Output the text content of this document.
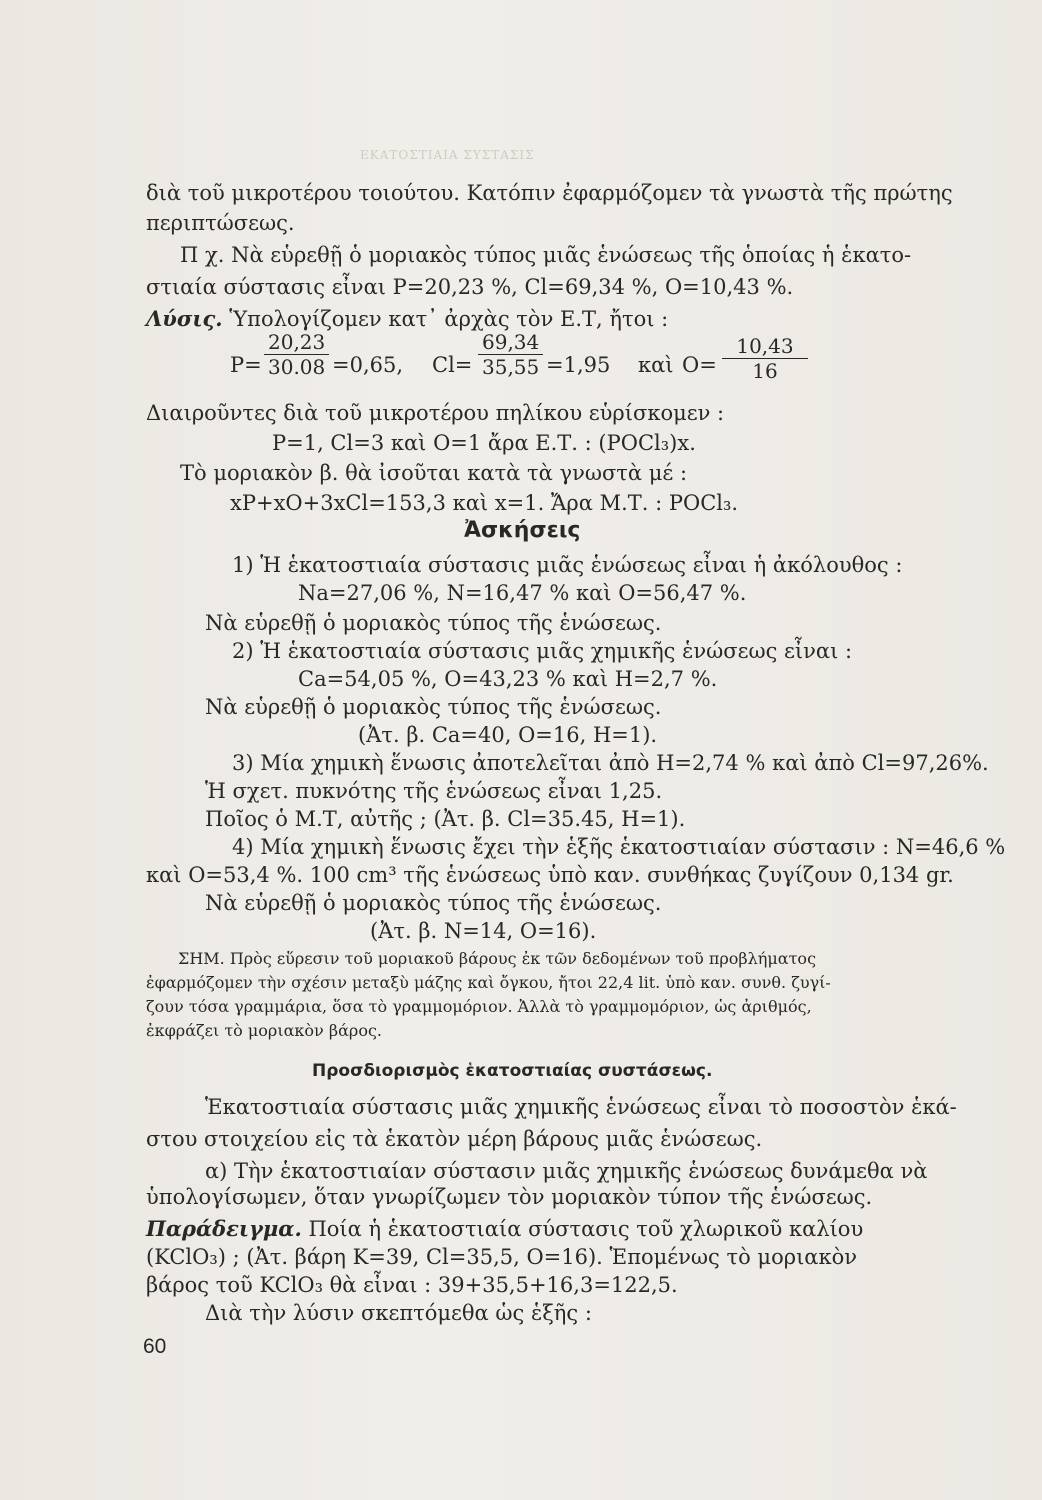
ΕΚΑΤΟΣΤΙΑΙΑ ΣΥΣΤΑΣΙΣ
διὰ τοῦ μικροτέρου τοιούτου. Κατόπιν ἐφαρμόζομεν τὰ γνωστὰ τῆς πρώτης
περιπτώσεως.
Π χ. Νὰ εὑρεθῇ ὁ μοριακὸς τύπος μιᾶς ἑνώσεως τῆς ὁποίας ἡ ἑκατο-
στιαία σύστασις εἶναι P=20,23 %, Cl=69,34 %, O=10,43 %.
Λύσις. Ὑπολογίζομεν κατ᾽ ἀρχὰς τὸν Ε.Τ, ἤτοι :
$P= \frac{20,23}{30.08} =0,65$, $Cl= \frac{69,34}{35,55} =1,95$ καὶ $O= \frac{10,43}{16}$
Διαιροῦντες διὰ τοῦ μικροτέρου πηλίκου εὑρίσκομεν :
P=1, Cl=3 καὶ O=1 ἄρα Ε.Τ. : (POCl₃)x.
Τὸ μοριακὸν β. θὰ ἰσοῦται κατὰ τὰ γνωστὰ μέ :
xP+xO+3xCl=153,3 καὶ x=1. Ἄρα Μ.Τ. : POCl₃.
Ἀσκήσεις
1) Ἡ ἑκατοστιαία σύστασις μιᾶς ἑνώσεως εἶναι ἡ ἀκόλουθος :
Na=27,06 %, N=16,47 % καὶ O=56,47 %.
Νὰ εὑρεθῇ ὁ μοριακὸς τύπος τῆς ἑνώσεως.
2) Ἡ ἑκατοστιαία σύστασις μιᾶς χημικῆς ἑνώσεως εἶναι :
Ca=54,05 %, O=43,23 % καὶ H=2,7 %.
Νὰ εὑρεθῇ ὁ μοριακὸς τύπος τῆς ἑνώσεως.
(Ἀτ. β. Ca=40, O=16, H=1).
3) Μία χημικὴ ἕνωσις ἀποτελεῖται ἀπὸ H=2,74 % καὶ ἀπὸ Cl=97,26%.
Ἡ σχετ. πυκνότης τῆς ἑνώσεως εἶναι 1,25.
Ποῖος ὁ Μ.Τ, αὐτῆς ; (Ἀτ. β. Cl=35.45, H=1).
4) Μία χημικὴ ἕνωσις ἔχει τὴν ἑξῆς ἑκατοστιαίαν σύστασιν : N=46,6 %
καὶ O=53,4 %. 100 cm³ τῆς ἑνώσεως ὑπὸ καν. συνθήκας ζυγίζουν 0,134 gr.
Νὰ εὑρεθῇ ὁ μοριακὸς τύπος τῆς ἑνώσεως.
(Ἀτ. β. N=14, O=16).
ΣΗΜ. Πρὸς εὕρεσιν τοῦ μοριακοῦ βάρους ἐκ τῶν δεδομένων τοῦ προβλήματος
ἐφαρμόζομεν τὴν σχέσιν μεταξὺ μάζης καὶ ὄγκου, ἤτοι 22,4 lit. ὑπὸ καν. συνθ. ζυγί-
ζουν τόσα γραμμάρια, ὅσα τὸ γραμμομόριον. Ἀλλὰ τὸ γραμμομόριον, ὡς ἀριθμός,
ἐκφράζει τὸ μοριακὸν βάρος.
Προσδιορισμὸς ἑκατοστιαίας συστάσεως.
Ἑκατοστιαία σύστασις μιᾶς χημικῆς ἑνώσεως εἶναι τὸ ποσοστὸν ἑκά-
στου στοιχείου εἰς τὰ ἑκατὸν μέρη βάρους μιᾶς ἑνώσεως.
α) Τὴν ἑκατοστιαίαν σύστασιν μιᾶς χημικῆς ἑνώσεως δυνάμεθα νὰ
ὑπολογίσωμεν, ὅταν γνωρίζωμεν τὸν μοριακὸν τύπον τῆς ἑνώσεως.
Παράδειγμα. Ποία ἡ ἑκατοστιαία σύστασις τοῦ χλωρικοῦ καλίου
(KClO₃) ; (Ἀτ. βάρη K=39, Cl=35,5, O=16). Ἑπομένως τὸ μοριακὸν
βάρος τοῦ KClO₃ θὰ εἶναι : 39+35,5+16,3=122,5.
Διὰ τὴν λύσιν σκεπτόμεθα ὡς ἑξῆς :
60
